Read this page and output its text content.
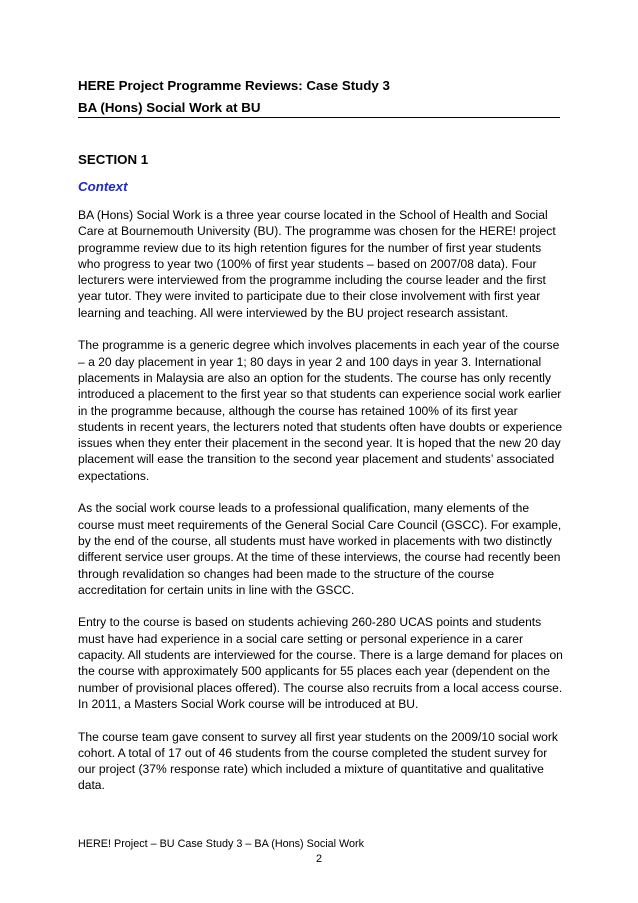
HERE Project Programme Reviews: Case Study 3
BA (Hons) Social Work at BU
SECTION 1
Context

BA (Hons) Social Work is a three year course located in the School of Health and Social Care at Bournemouth University (BU). The programme was chosen for the HERE! project programme review due to its high retention figures for the number of first year students who progress to year two (100% of first year students – based on 2007/08 data). Four lecturers were interviewed from the programme including the course leader and the first year tutor. They were invited to participate due to their close involvement with first year learning and teaching. All were interviewed by the BU project research assistant.

The programme is a generic degree which involves placements in each year of the course – a 20 day placement in year 1; 80 days in year 2 and 100 days in year 3. International placements in Malaysia are also an option for the students. The course has only recently introduced a placement to the first year so that students can experience social work earlier in the programme because, although the course has retained 100% of its first year students in recent years, the lecturers noted that students often have doubts or experience issues when they enter their placement in the second year. It is hoped that the new 20 day placement will ease the transition to the second year placement and students’ associated expectations.

As the social work course leads to a professional qualification, many elements of the course must meet requirements of the General Social Care Council (GSCC). For example, by the end of the course, all students must have worked in placements with two distinctly different service user groups. At the time of these interviews, the course had recently been through revalidation so changes had been made to the structure of the course accreditation for certain units in line with the GSCC.

Entry to the course is based on students achieving 260-280 UCAS points and students must have had experience in a social care setting or personal experience in a carer capacity. All students are interviewed for the course. There is a large demand for places on the course with approximately 500 applicants for 55 places each year (dependent on the number of provisional places offered). The course also recruits from a local access course. In 2011, a Masters Social Work course will be introduced at BU.

The course team gave consent to survey all first year students on the 2009/10 social work cohort. A total of 17 out of 46 students from the course completed the student survey for our project (37% response rate) which included a mixture of quantitative and qualitative data.

HERE! Project – BU Case Study 3 – BA (Hons) Social Work
2
